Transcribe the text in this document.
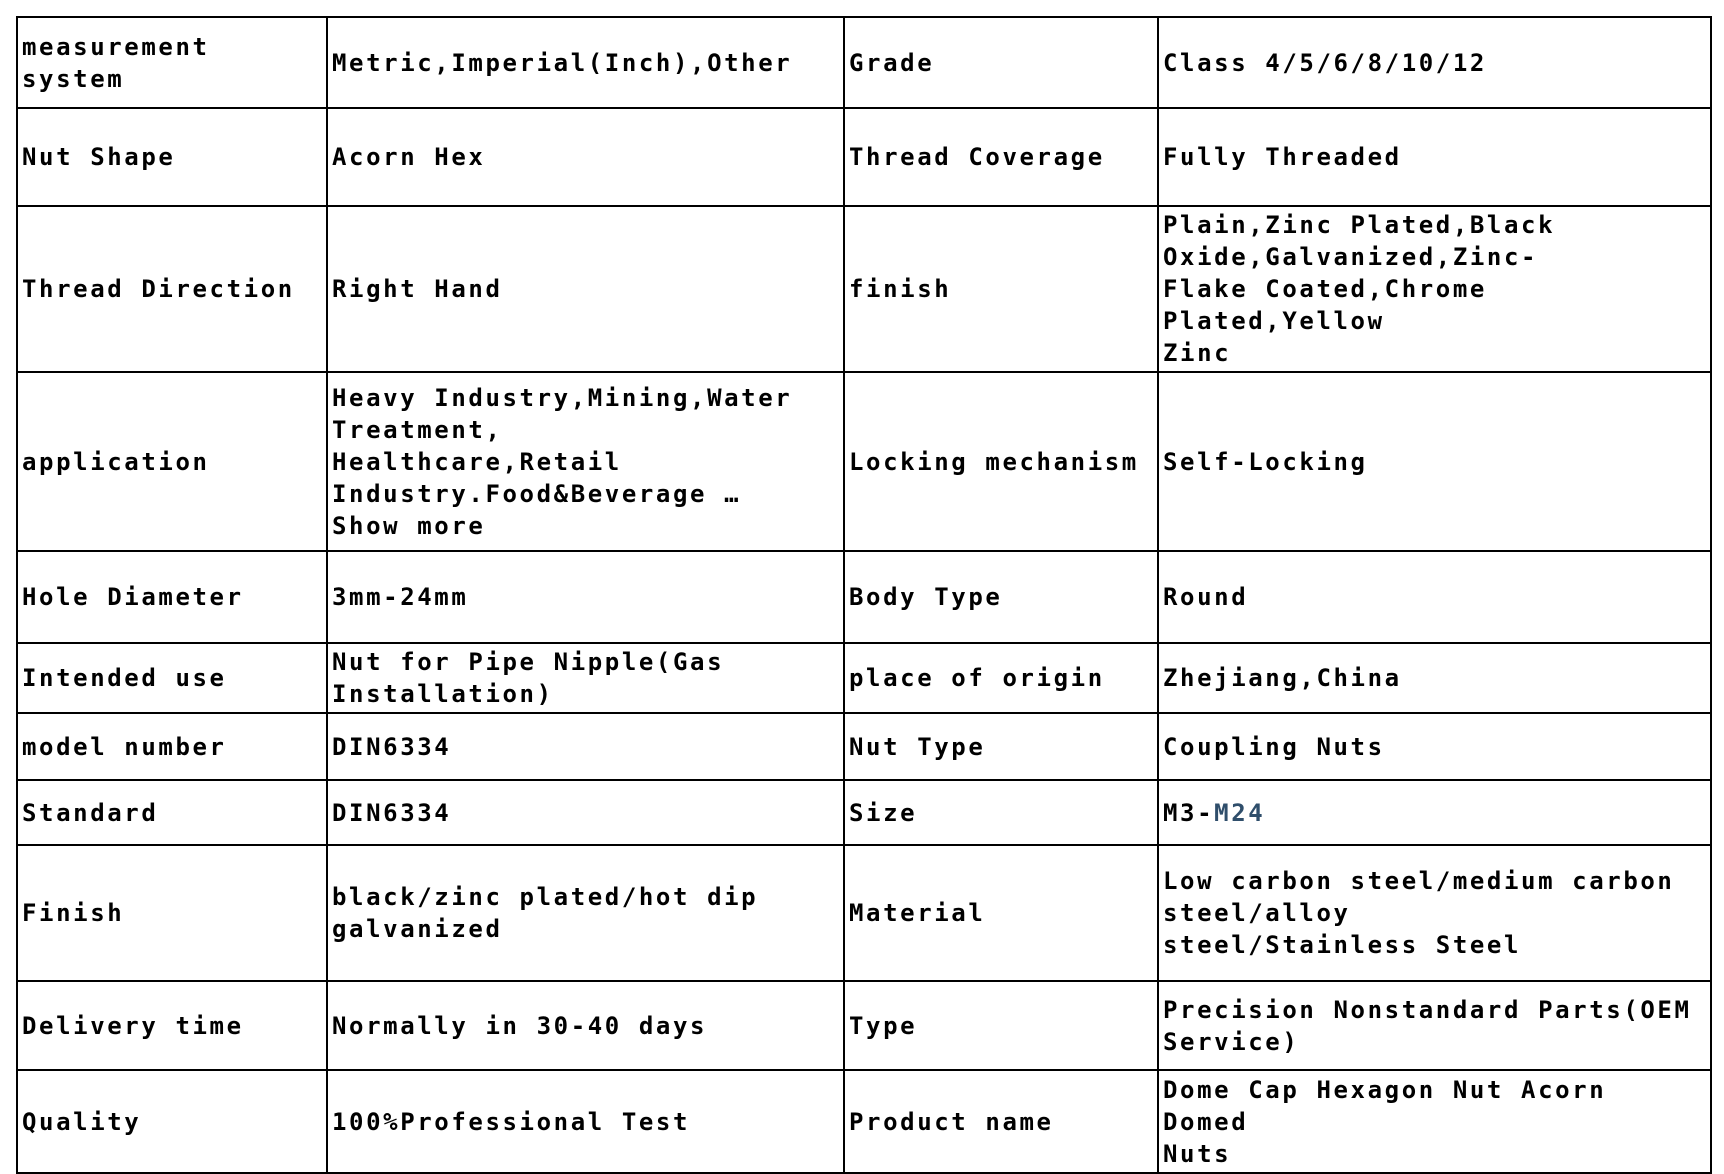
measurement system	Metric,Imperial(Inch),Other	Grade	Class 4/5/6/8/10/12
Nut Shape	Acorn Hex	Thread Coverage	Fully Threaded
Thread Direction	Right Hand	finish	Plain,Zinc Plated,Black
Oxide,Galvanized,Zinc-
Flake Coated,Chrome Plated,Yellow
Zinc
application	Heavy Industry,Mining,Water
Treatment,
Healthcare,Retail
Industry.Food&Beverage …
Show more	Locking mechanism	Self-Locking
Hole Diameter	3mm-24mm	Body Type	Round
Intended use	Nut for Pipe Nipple(Gas
Installation)	place of origin	Zhejiang,China
model number	DIN6334	Nut Type	Coupling Nuts
Standard	DIN6334	Size	M3-M24
Finish	black/zinc plated/hot dip
galvanized	Material	Low carbon steel/medium carbon
steel/alloy
steel/Stainless Steel
Delivery time	Normally in 30-40 days	Type	Precision Nonstandard Parts(OEM
Service)
Quality	100%Professional Test	Product name	Dome Cap Hexagon Nut Acorn Domed
Nuts
